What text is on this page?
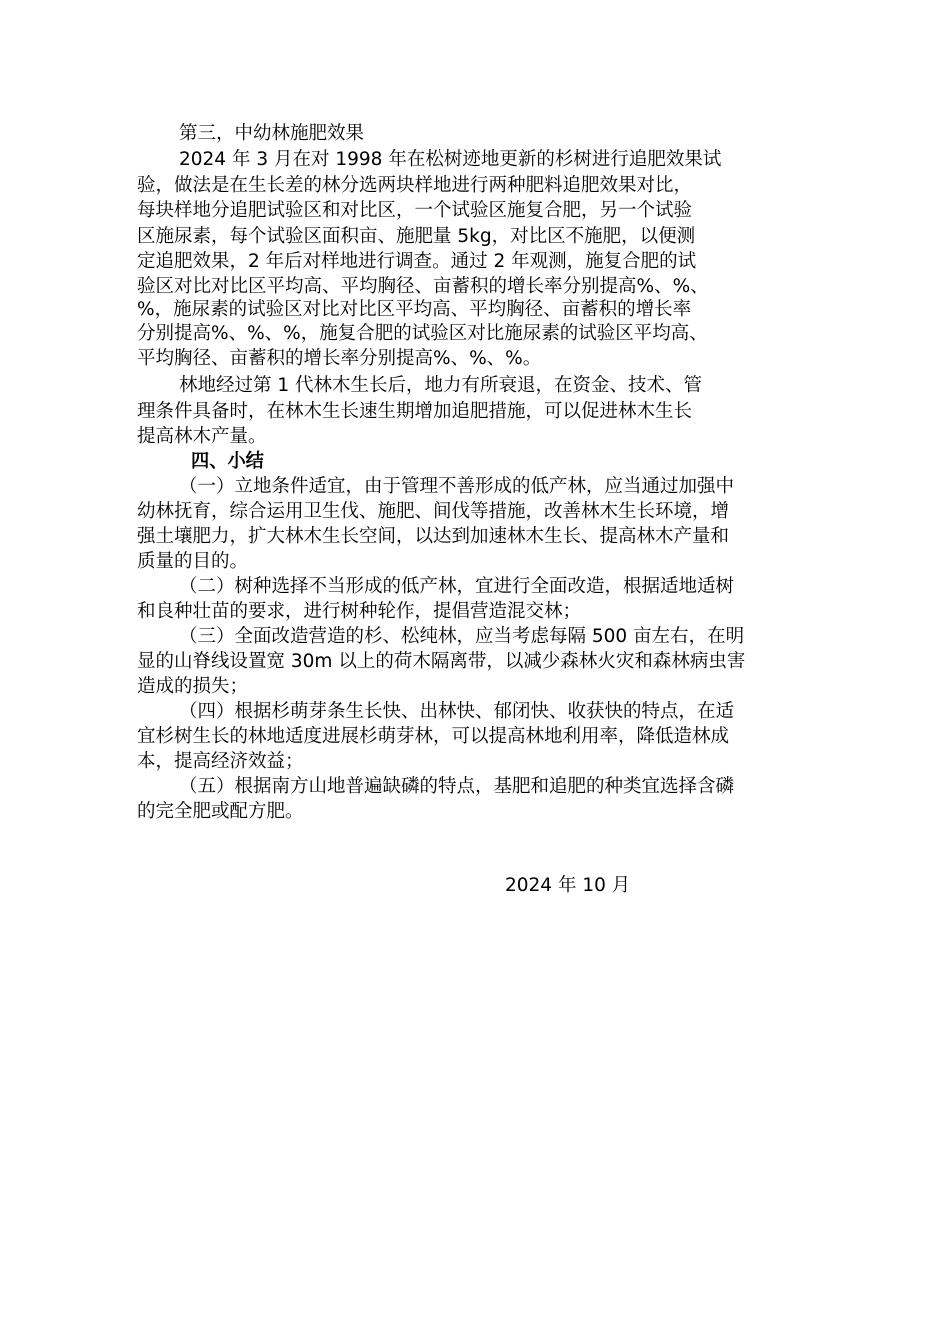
第三，中幼林施肥效果
2024 年 3 月在对 1998 年在松树迹地更新的杉树进行追肥效果试
验，做法是在生长差的林分选两块样地进行两种肥料追肥效果对比，
每块样地分追肥试验区和对比区，一个试验区施复合肥，另一个试验
区施尿素，每个试验区面积亩、施肥量 5kg，对比区不施肥，以便测
定追肥效果，2 年后对样地进行调查。通过 2 年观测，施复合肥的试
验区对比对比区平均高、平均胸径、亩蓄积的增长率分别提高%、%、
%，施尿素的试验区对比对比区平均高、平均胸径、亩蓄积的增长率
分别提高%、%、%，施复合肥的试验区对比施尿素的试验区平均高、
平均胸径、亩蓄积的增长率分别提高%、%、%。
林地经过第 1 代林木生长后，地力有所衰退，在资金、技术、管
理条件具备时，在林木生长速生期增加追肥措施，可以促进林木生长
提高林木产量。
四、小结
（一）立地条件适宜，由于管理不善形成的低产林，应当通过加强中
幼林抚育，综合运用卫生伐、施肥、间伐等措施，改善林木生长环境，增
强土壤肥力，扩大林木生长空间，以达到加速林木生长、提高林木产量和
质量的目的。
（二）树种选择不当形成的低产林，宜进行全面改造，根据适地适树
和良种壮苗的要求，进行树种轮作，提倡营造混交林；
（三）全面改造营造的杉、松纯林，应当考虑每隔 500 亩左右，在明
显的山脊线设置宽 30m 以上的荷木隔离带，以减少森林火灾和森林病虫害
造成的损失；
（四）根据杉萌芽条生长快、出林快、郁闭快、收获快的特点，在适
宜杉树生长的林地适度进展杉萌芽林，可以提高林地利用率，降低造林成
本，提高经济效益；
（五）根据南方山地普遍缺磷的特点，基肥和追肥的种类宜选择含磷
的完全肥或配方肥。
2024 年 10 月
